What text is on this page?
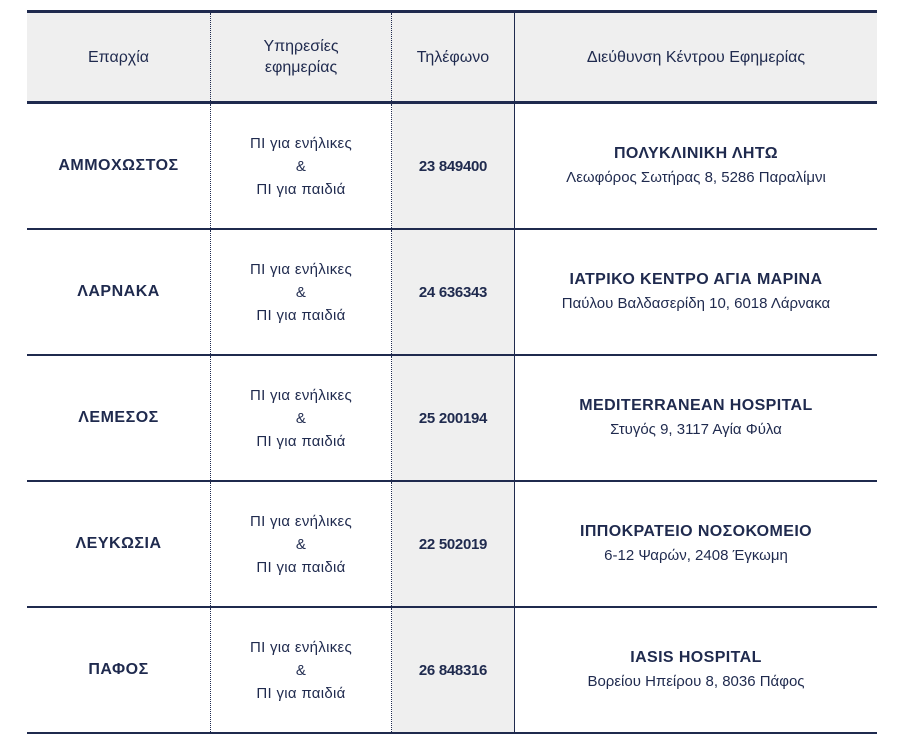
Επαρχία
Υπηρεσίες
εφημερίας
Τηλέφωνο	Διεύθυνση Κέντρου Εφημερίας
ΑΜΜΟΧΩΣΤΟΣ
ΠΙ για ενήλικες
&
ΠΙ για παιδιά
23 849400
ΠΟΛΥΚΛΙΝΙΚΗ ΛΗΤΩ
Λεωφόρος Σωτήρας 8, 5286 Παραλίμνι
ΛΑΡΝΑΚΑ
ΠΙ για ενήλικες
&
ΠΙ για παιδιά
24 636343
ΙΑΤΡΙΚΟ ΚΕΝΤΡΟ ΑΓΙΑ ΜΑΡΙΝΑ
Παύλου Βαλδασερίδη 10, 6018 Λάρνακα
ΛΕΜΕΣΟΣ
ΠΙ για ενήλικες
&
ΠΙ για παιδιά
25 200194
MEDITERRANEAN HOSPITAL
Στυγός 9, 3117 Αγία Φύλα
ΛΕΥΚΩΣΙΑ
ΠΙ για ενήλικες
&
ΠΙ για παιδιά
22 502019
ΙΠΠΟΚΡΑΤΕΙΟ ΝΟΣΟΚΟΜΕΙΟ
6-12 Ψαρών, 2408 Έγκωμη
ΠΑΦΟΣ
ΠΙ για ενήλικες
&
ΠΙ για παιδιά
26 848316
IASIS HOSPITAL
Βορείου Ηπείρου 8, 8036 Πάφος
